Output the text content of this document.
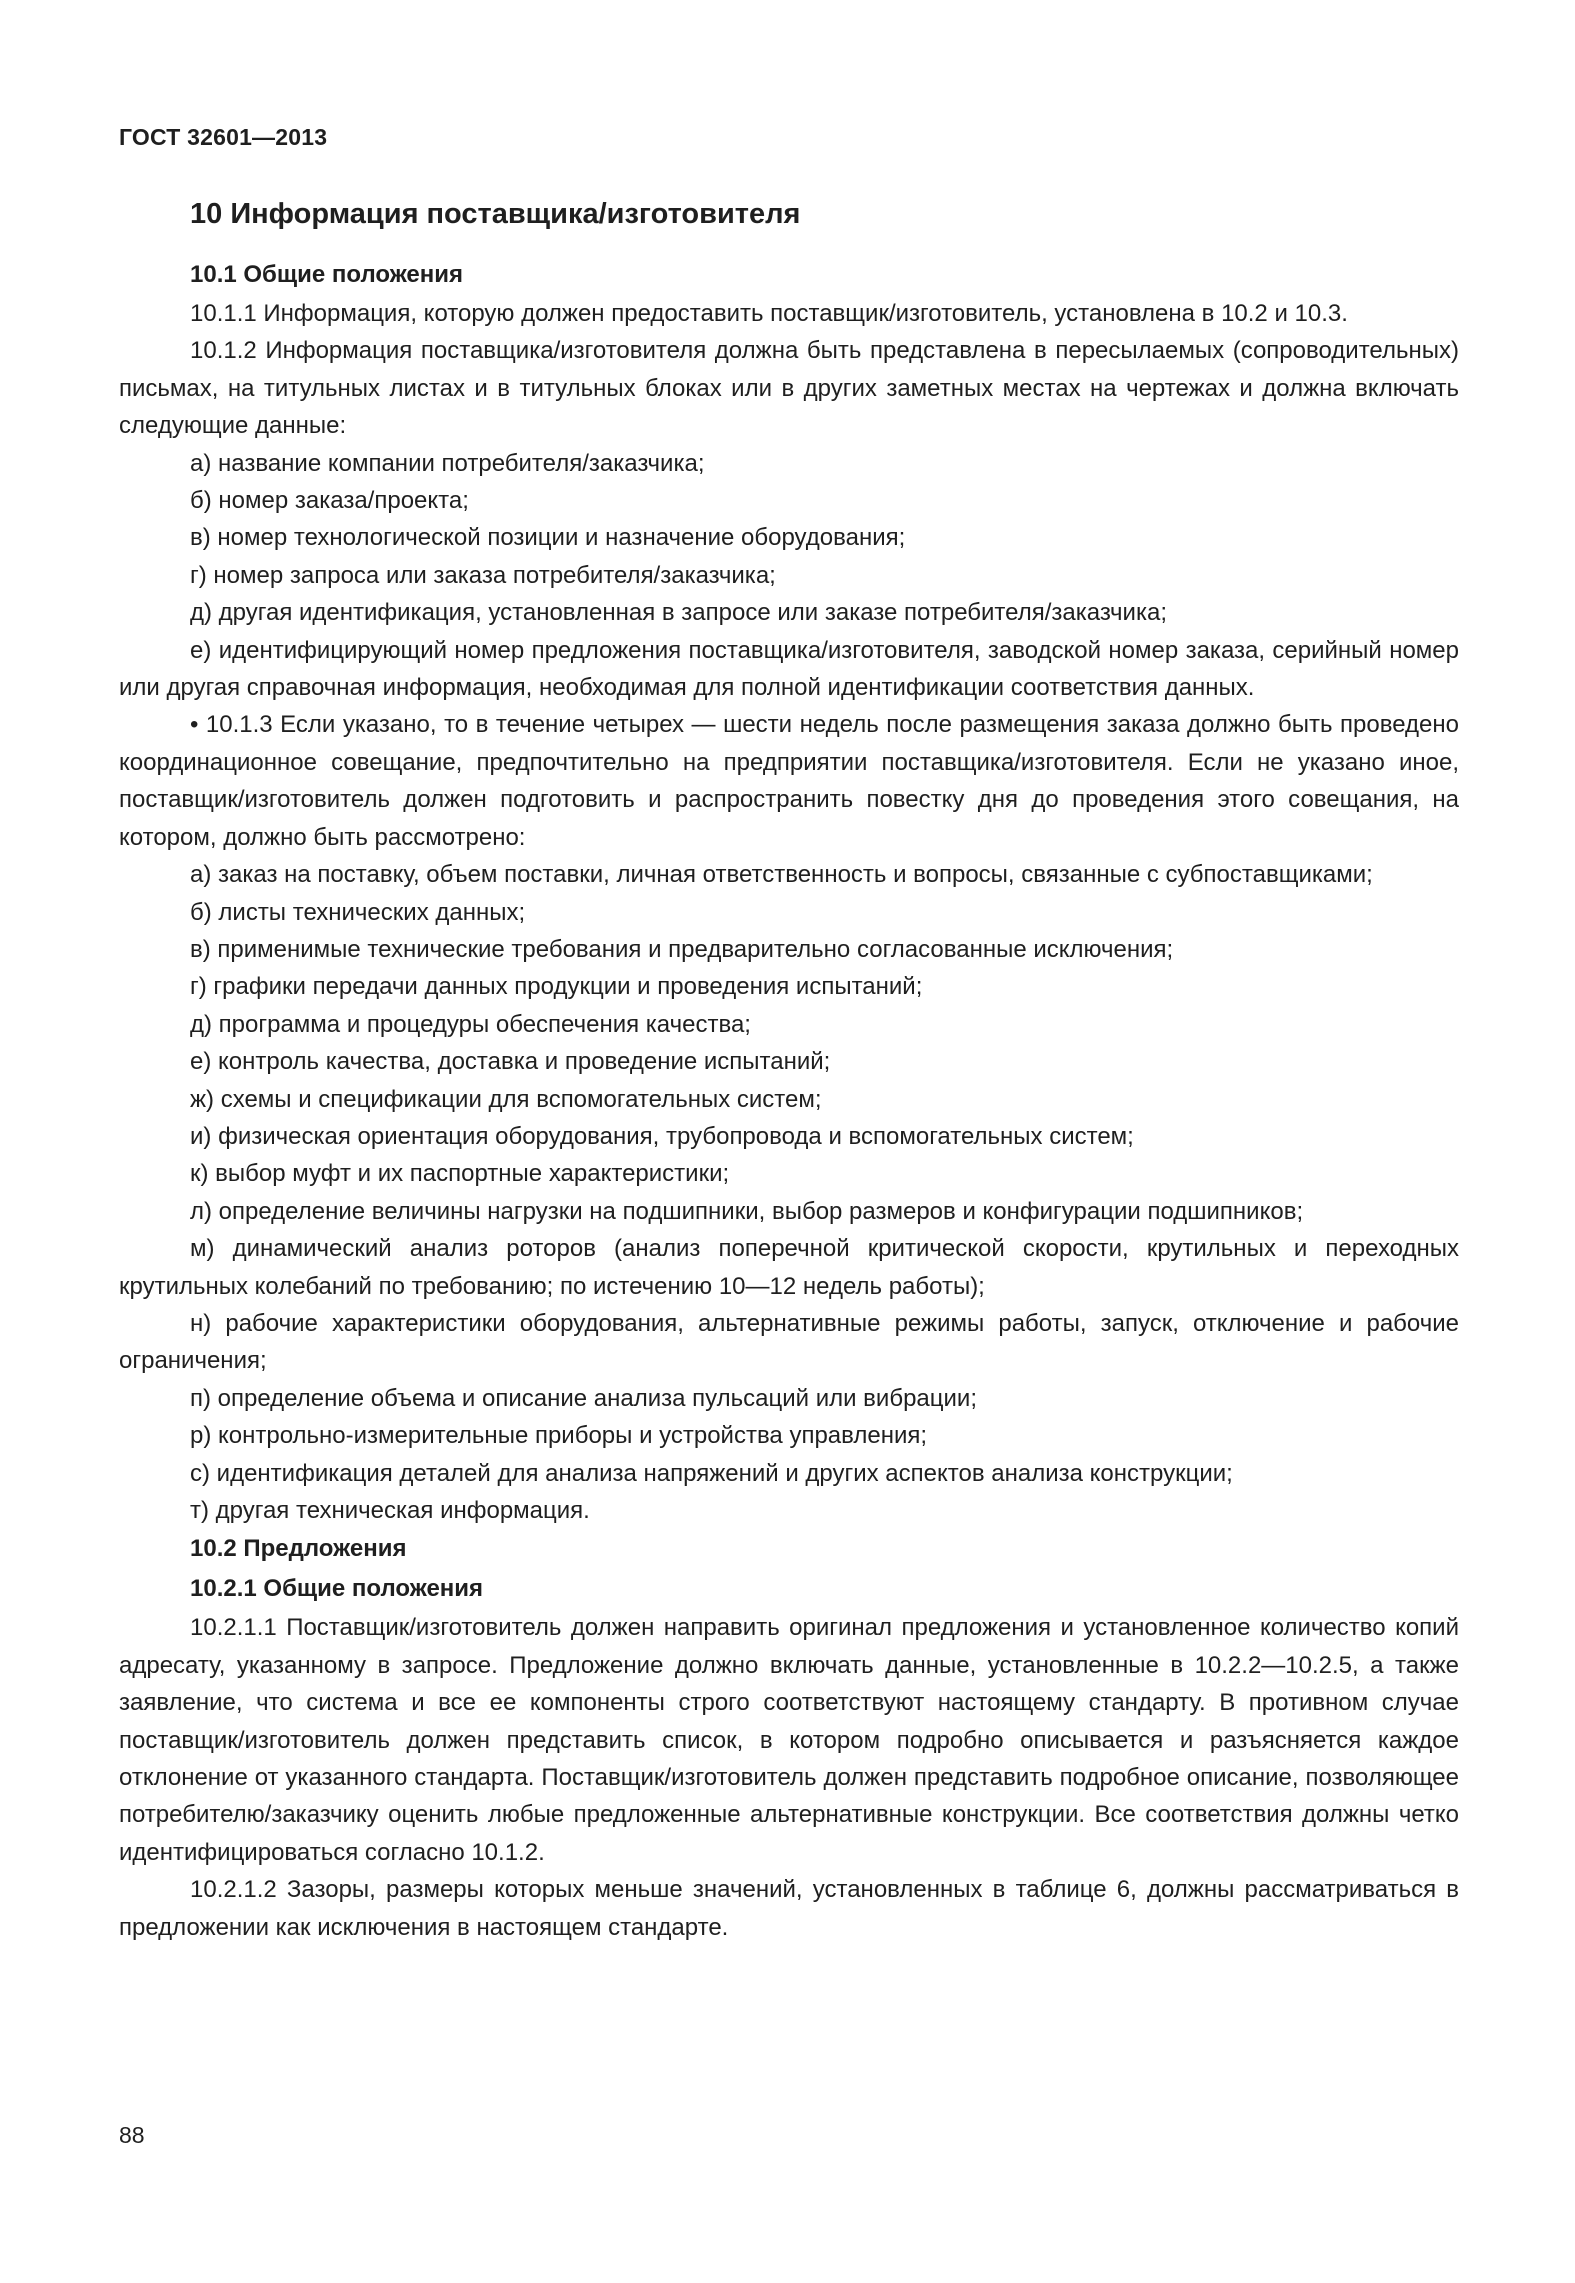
ГОСТ 32601—2013
10 Информация поставщика/изготовителя
10.1 Общие положения
10.1.1 Информация, которую должен предоставить поставщик/изготовитель, установлена в 10.2 и 10.3.
10.1.2 Информация поставщика/изготовителя должна быть представлена в пересылаемых (сопроводительных) письмах, на титульных листах и в титульных блоках или в других заметных местах на чертежах и должна включать следующие данные:
а) название компании потребителя/заказчика;
б) номер заказа/проекта;
в) номер технологической позиции и назначение оборудования;
г) номер запроса или заказа потребителя/заказчика;
д) другая идентификация, установленная в запросе или заказе потребителя/заказчика;
е) идентифицирующий номер предложения поставщика/изготовителя, заводской номер заказа, серийный номер или другая справочная информация, необходимая для полной идентификации соответствия данных.
• 10.1.3 Если указано, то в течение четырех — шести недель после размещения заказа должно быть проведено координационное совещание, предпочтительно на предприятии поставщика/изготовителя. Если не указано иное, поставщик/изготовитель должен подготовить и распространить повестку дня до проведения этого совещания, на котором, должно быть рассмотрено:
а) заказ на поставку, объем поставки, личная ответственность и вопросы, связанные с субпоставщиками;
б) листы технических данных;
в) применимые технические требования и предварительно согласованные исключения;
г) графики передачи данных продукции и проведения испытаний;
д) программа и процедуры обеспечения качества;
е) контроль качества, доставка и проведение испытаний;
ж) схемы и спецификации для вспомогательных систем;
и) физическая ориентация оборудования, трубопровода и вспомогательных систем;
к) выбор муфт и их паспортные характеристики;
л) определение величины нагрузки на подшипники, выбор размеров и конфигурации подшипников;
м) динамический анализ роторов (анализ поперечной критической скорости, крутильных и переходных крутильных колебаний по требованию; по истечению 10—12 недель работы);
н) рабочие характеристики оборудования, альтернативные режимы работы, запуск, отключение и рабочие ограничения;
п) определение объема и описание анализа пульсаций или вибрации;
р) контрольно-измерительные приборы и устройства управления;
с) идентификация деталей для анализа напряжений и других аспектов анализа конструкции;
т) другая техническая информация.
10.2 Предложения
10.2.1 Общие положения
10.2.1.1 Поставщик/изготовитель должен направить оригинал предложения и установленное количество копий адресату, указанному в запросе. Предложение должно включать данные, установленные в 10.2.2—10.2.5, а также заявление, что система и все ее компоненты строго соответствуют настоящему стандарту. В противном случае поставщик/изготовитель должен представить список, в котором подробно описывается и разъясняется каждое отклонение от указанного стандарта. Поставщик/изготовитель должен представить подробное описание, позволяющее потребителю/заказчику оценить любые предложенные альтернативные конструкции. Все соответствия должны четко идентифицироваться согласно 10.1.2.
10.2.1.2 Зазоры, размеры которых меньше значений, установленных в таблице 6, должны рассматриваться в предложении как исключения в настоящем стандарте.
88
